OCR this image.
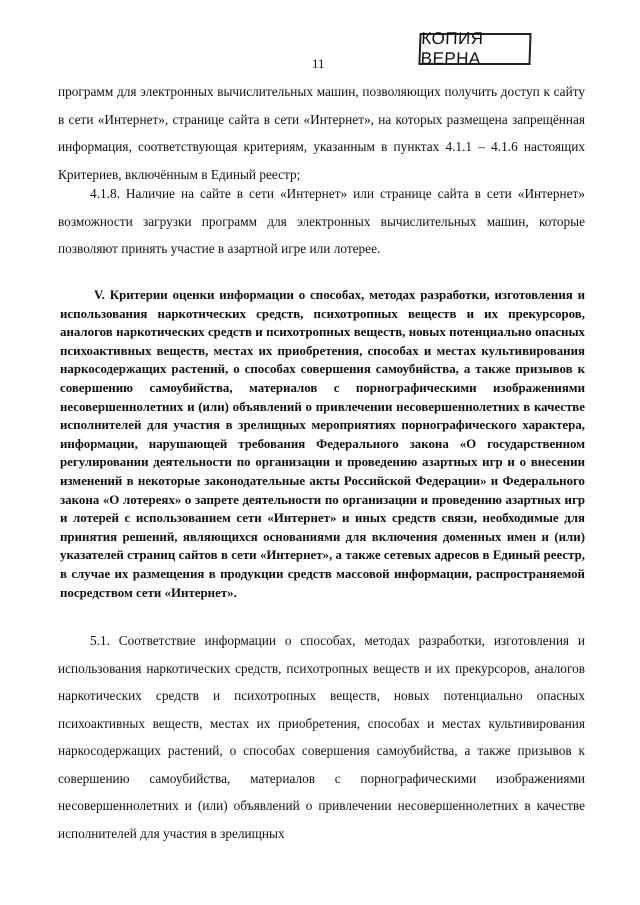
11
КОПИЯ ВЕРНА

программ для электронных вычислительных машин, позволяющих получить доступ к сайту в сети «Интернет», странице сайта в сети «Интернет», на которых размещена запрещённая информация, соответствующая критериям, указанным в пунктах 4.1.1 – 4.1.6 настоящих Критериев, включённым в Единый реестр;

4.1.8. Наличие на сайте в сети «Интернет» или странице сайта в сети «Интернет» возможности загрузки программ для электронных вычислительных машин, которые позволяют принять участие в азартной игре или лотерее.

V. Критерии оценки информации о способах, методах разработки, изготовления и использования наркотических средств, психотропных веществ и их прекурсоров, аналогов наркотических средств и психотропных веществ, новых потенциально опасных психоактивных веществ, местах их приобретения, способах и местах культивирования наркосодержащих растений, о способах совершения самоубийства, а также призывов к совершению самоубийства, материалов с порнографическими изображениями несовершеннолетних и (или) объявлений о привлечении несовершеннолетних в качестве исполнителей для участия в зрелищных мероприятиях порнографического характера, информации, нарушающей требования Федерального закона «О государственном регулировании деятельности по организации и проведению азартных игр и о внесении изменений в некоторые законодательные акты Российской Федерации» и Федерального закона «О лотереях» о запрете деятельности по организации и проведению азартных игр и лотерей с использованием сети «Интернет» и иных средств связи, необходимые для принятия решений, являющихся основаниями для включения доменных имен и (или) указателей страниц сайтов в сети «Интернет», а также сетевых адресов в Единый реестр, в случае их размещения в продукции средств массовой информации, распространяемой посредством сети «Интернет».

5.1. Соответствие информации о способах, методах разработки, изготовления и использования наркотических средств, психотропных веществ и их прекурсоров, аналогов наркотических средств и психотропных веществ, новых потенциально опасных психоактивных веществ, местах их приобретения, способах и местах культивирования наркосодержащих растений, о способах совершения самоубийства, а также призывов к совершению самоубийства, материалов с порнографическими изображениями несовершеннолетних и (или) объявлений о привлечении несовершеннолетних в качестве исполнителей для участия в зрелищных
